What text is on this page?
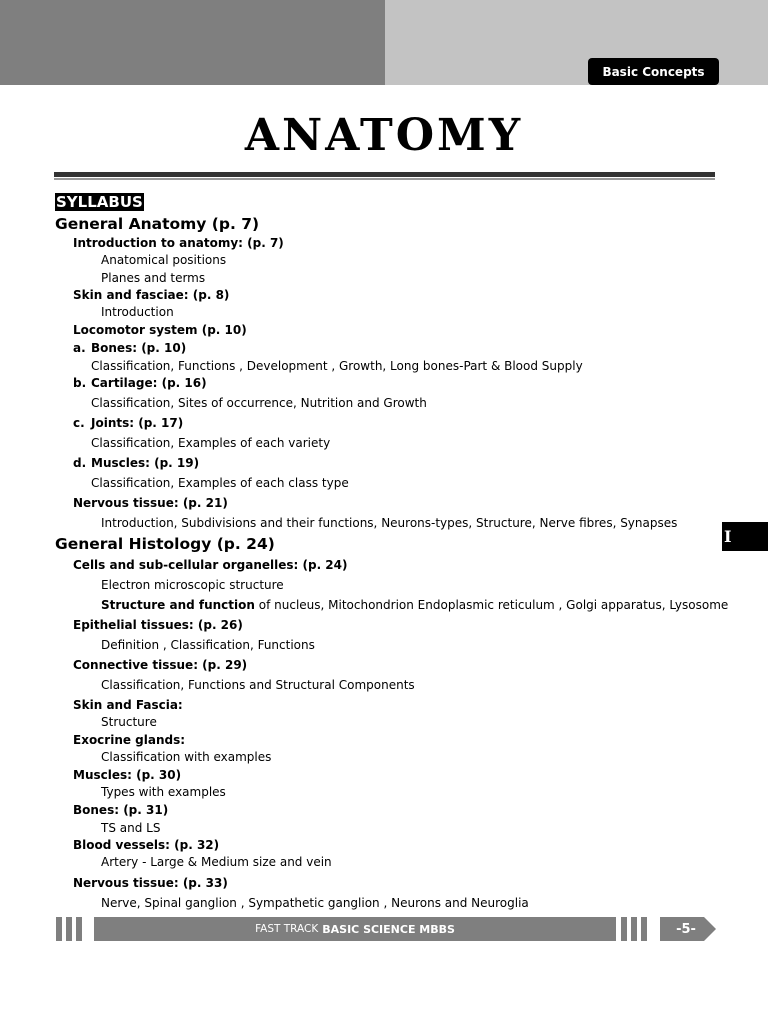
Basic Concepts
ANATOMY
I
SYLLABUS
General Anatomy (p. 7)
Introduction to anatomy: (p. 7)
Anatomical positions
Planes and terms
Skin and fasciae: (p. 8)
Introduction
Locomotor system (p. 10)
a. Bones: (p. 10)
Classification, Functions , Development , Growth, Long bones-Part & Blood Supply
b. Cartilage: (p. 16)
Classification, Sites of occurrence, Nutrition and Growth
c. Joints: (p. 17)
Classification, Examples of each variety
d. Muscles: (p. 19)
Classification, Examples of each class type
Nervous tissue: (p. 21)
Introduction, Subdivisions and their functions, Neurons-types, Structure, Nerve fibres, Synapses
General Histology (p. 24)
Cells and sub-cellular organelles: (p. 24)
Electron microscopic structure
Structure and function of nucleus, Mitochondrion Endoplasmic reticulum , Golgi apparatus, Lysosome
Epithelial tissues: (p. 26)
Definition , Classification, Functions
Connective tissue: (p. 29)
Classification, Functions and Structural Components
Skin and Fascia:
Structure
Exocrine glands:
Classification with examples
Muscles: (p. 30)
Types with examples
Bones: (p. 31)
TS and LS
Blood vessels: (p. 32)
Artery - Large & Medium size and vein
Nervous tissue: (p. 33)
Nerve, Spinal ganglion , Sympathetic ganglion , Neurons and Neuroglia
FAST TRACK BASIC SCIENCE MBBS	-5-
